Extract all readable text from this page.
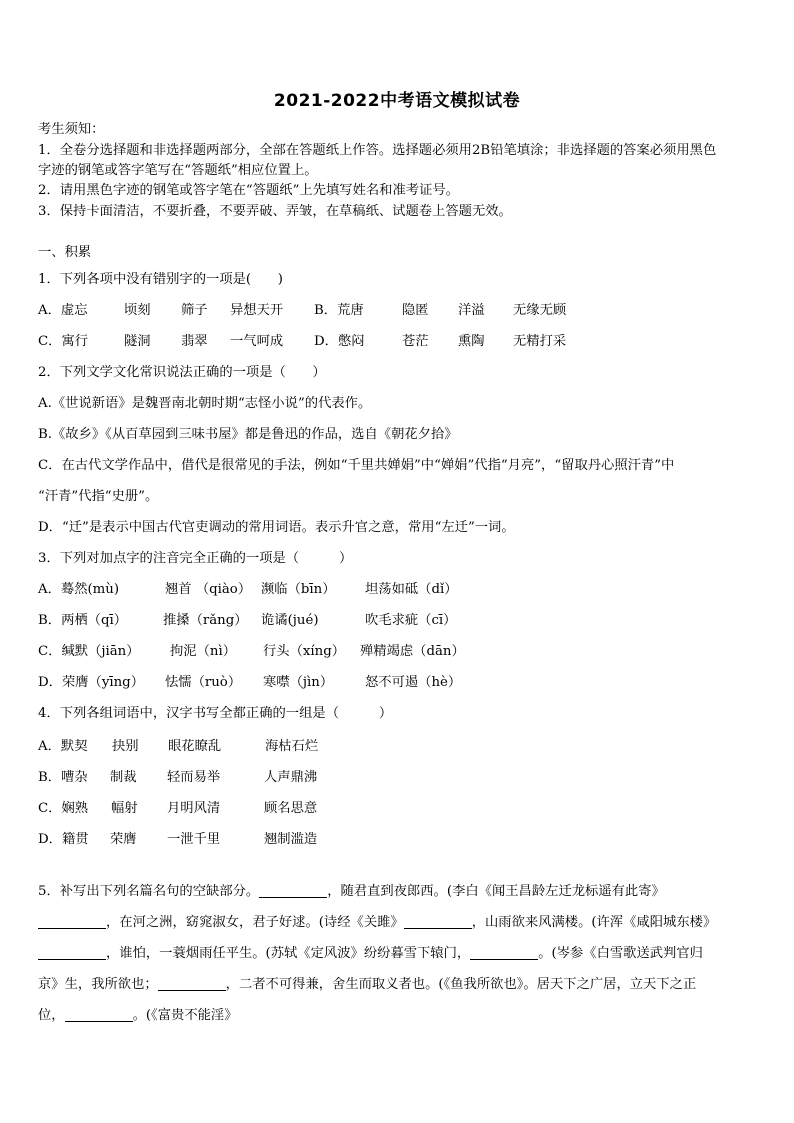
2021-2022中考语文模拟试卷
考生须知：
1．全卷分选择题和非选择题两部分，全部在答题纸上作答。选择题必须用2B铅笔填涂；非选择题的答案必须用黑色
字迹的钢笔或答字笔写在“答题纸”相应位置上。
2．请用黑色字迹的钢笔或答字笔在“答题纸”上先填写姓名和准考证号。
3．保持卡面清洁，不要折叠，不要弄破、弄皱，在草稿纸、试题卷上答题无效。
一、积累
1．下列各项中没有错别字的一项是(　　)
A．虚忘	顷刻 筛子 异想天开 B．荒唐	隐匿 洋溢 无缘无顾
C．寓行	隧洞 翡翠 一气呵成 D．憋闷	苍茫 熏陶 无精打采
2．下列文学文化常识说法正确的一项是（　　）
A.《世说新语》是魏晋南北朝时期“志怪小说”的代表作。
B.《故乡》《从百草园到三味书屋》都是鲁迅的作品，选自《朝花夕拾》
C．在古代文学作品中，借代是很常见的手法，例如“千里共婵娟”中“婵娟”代指“月亮”，“留取丹心照汗青”中
“汗青”代指“史册”。
D．“迁”是表示中国古代官吏调动的常用词语。表示升官之意，常用“左迁”一词。
3．下列对加点字的注音完全正确的一项是（　　　）
A．蓦然(mù)	翘首 （qiào） 濒临（bīn） 坦荡如砥（dǐ）
B．两栖（qī）	推搡（rǎng） 诡谲(jué)	吹毛求疵（cī）
C．缄默（jiān） 拘泥（nì） 行头（xíng） 殚精竭虑（dān）
D．荣膺（yīng） 怯懦（ruò） 寒噤（jìn） 怒不可遏（hè）
4．下列各组词语中，汉字书写全都正确的一组是（　　　）
A．默契 抉别 眼花瞭乱	海枯石烂
B．嘈杂 制裁 轻而易举	人声鼎沸
C．娴熟 幅射 月明风清	顾名思意
D．籍贯 荣膺 一泄千里	翘制滥造
5．补写出下列名篇名句的空缺部分。	，随君直到夜郎西。(李白《闻王昌龄左迁龙标遥有此寄》
，在河之洲，窈窕淑女，君子好逑。(诗经《关雎》	，山雨欲来风满楼。(许浑《咸阳城东楼》
，谁怕，一蓑烟雨任平生。(苏轼《定风波》纷纷暮雪下辕门，	。(岑参《白雪歌送武判官归
京》生，我所欲也；	，二者不可得兼，舍生而取义者也。(《鱼我所欲也》。居天下之广居，立天下之正
位，	。(《富贵不能淫》
